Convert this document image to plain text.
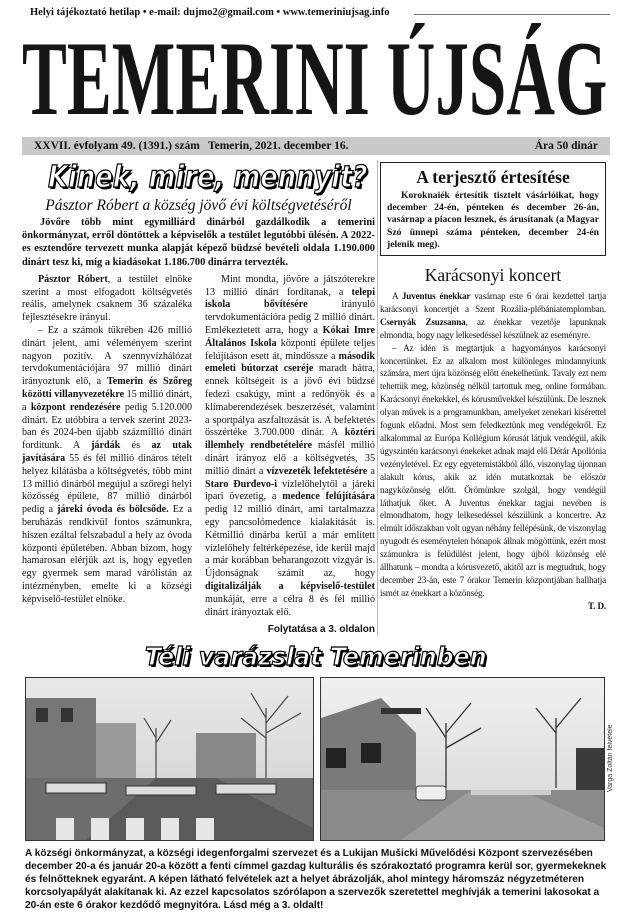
Helyi tájékoztató hetilap • e-mail: dujmo2@gmail.com • www.temeriniujsag.info
TEMERINI ÚJSÁG
XXVII. évfolyam 49. (1391.) szám Temerin, 2021. december 16.	Ára 50 dinár
Kinek, mire, mennyit?
Pásztor Róbert a község jövő évi költségvetéséről
Jövőre több mint egymilliárd dinárból gazdálkodik a temerini önkormányzat, erről döntöttek a képviselők a testület legutóbbi ülésén. A 2022-es esztendőre tervezett munka alapját képező büdzsé bevételi oldala 1.190.000 dinárt tesz ki, míg a kiadásokat 1.186.700 dinárra tervezték.

Pásztor Róbert, a testület elnöke szerint a most elfogadott költségvetés reális, amelynek csaknem 36 százaléka fejlesztésekre irányul.

– Ez a számok tükrében 426 millió dinárt jelent, ami véleményem szerint nagyon pozitív. A szennyvízhálózat tervdokumentációjára 97 millió dinárt irányoztunk elő, a Temerin és Szőreg közötti villanyvezetékre 15 millió dinárt, a központ rendezésére pedig 5.120.000 dinárt. Ez utóbbira a tervek szerint 2023-ban és 2024-ben újabb százmillió dinárt fordítunk. A járdák és az utak javítására 55 és fél millió dináros tételt helyez kilátásba a költségvetés, több mint 13 millió dinárból megújul a szőregi helyi közösség épülete, 87 millió dinárból pedig a járeki óvoda és bölcsőde. Ez a beruházás rendkívül fontos számunkra, hiszen ezáltal felszabadul a hely az óvoda központi épületében. Abban bízom, hogy hamarosan elérjük azt is, hogy egyetlen egy gyermek sem marad várólistán az intézményben, emelte ki a községi képviselő-testület elnöke.

Mint mondta, jövőre a játszóterekre 13 millió dinárt fordítanak, a telepi iskola bővítésére irányuló tervdokumentációra pedig 2 millió dinárt. Emlékeztetett arra, hogy a Kókai Imre Általános Iskola központi épülete teljes felújításon esett át, mindössze a második emeleti bútorzat cseréje maradt hátra, ennek költségeit is a jövő évi büdzsé fedezi csakúgy, mint a redőnyök és a klímaberendezések beszerzését, valamint a sportpálya aszfaltozását is. A befektetés összértéke 3.700.000 dinár. A köztéri illemhely rendbetételére másfél millió dinárt irányoz elő a költségvetés, 35 millió dinárt a vízvezeték lefektetésére a Staro Đurđevo-i vízlelőhelytől a járeki ipari övezetig, a medence felújítására pedig 12 millió dinárt, ami tartalmazza egy pancsolómedence kialakítását is. Kétmillió dinárba kerül a már említett vízlelőhely feltérképezése, ide kerül majd a már korábban beharangozott vízgyár is. Újdonságnak számít az, hogy digitalizálják a képviselő-testület munkáját, erre a célra 8 és fél millió dinárt irányoztak elő.

Folytatása a 3. oldalon
A terjesztő értesítése

Koroknaiék értesítik tisztelt vásárlóikat, hogy december 24-én, pénteken és december 26-án, vasárnap a piacon lesznek, és árusítanak (a Magyar Szó ünnepi száma pénteken, december 24-én jelenik meg).

Karácsonyi koncert

A Juventus énekkar vasárnap este 6 órai kezdettel tartja karácsonyi koncertjét a Szent Rozália-plébániatemplomban. Csernyák Zsuzsanna, az énekkar vezetője lapunknak elmondta, hogy nagy lelkesedéssel készülnek az eseményre.

– Az idén is megtartjuk a hagyományos karácsonyi koncertünket. Ez az alkalom most különleges mindannyiunk számára, mert újra közönség előtt énekelhetünk. Tavaly ezt nem tehettük meg, közönség nélkül tartottuk meg, online formában. Karácsonyi énekekkel, és kórusművekkel készülünk. De lesznek olyan művek is a programunkban, amelyeket zenekari kísérettel fogunk előadni. Most sem feledkeztünk meg vendégekről. Ez alkalommal az Európa Kollégium kórusát látjuk vendégül, akik úgyszintén karácsonyi énekeket adnak majd elő Détár Apollónia vezényletével. Ez egy egyetemistákból álló, viszonylag újonnan alakult kórus, akik az idén mutatkoztak be először nagyközönség előtt. Örömünkre szolgál, hogy vendégül láthatjuk őket. A Juventus énekkar tagjai nevében is elmondhatom, hogy lelkesedéssel készülünk a koncertre. Az elmúlt időszakban volt ugyan néhány fellépésünk, de viszonylag nyugodt és eseménytelen hónapok állnak mögöttünk, ezért most számunkra is felüdülést jelent, hogy újból közönség elé állhatunk – mondta a kórusvezető, akitől azt is megtudtuk, hogy december 23-án, este 7 órakor Temerin központjában hallhatja ismét az énekkart a közönség.

T. D.
Téli varázslat Temerinben
Varga Zoltán felvétele
A községi önkormányzat, a községi idegenforgalmi szervezet és a Lukijan Mušicki Művelődési Központ szervezésében december 20-a és január 20-a között a fenti címmel gazdag kulturális és szórakoztató programra kerül sor, gyermekeknek és felnőtteknek egyaránt. A képen látható felvételek azt a helyet ábrázolják, ahol mintegy háromszáz négyzetméteren korcsolyapályát alakítanak ki. Az ezzel kapcsolatos szórólapon a szervezők szeretettel meghívják a temerini lakosokat a 20-án este 6 órakor kezdődő megnyitóra. Lásd még a 3. oldalt!
